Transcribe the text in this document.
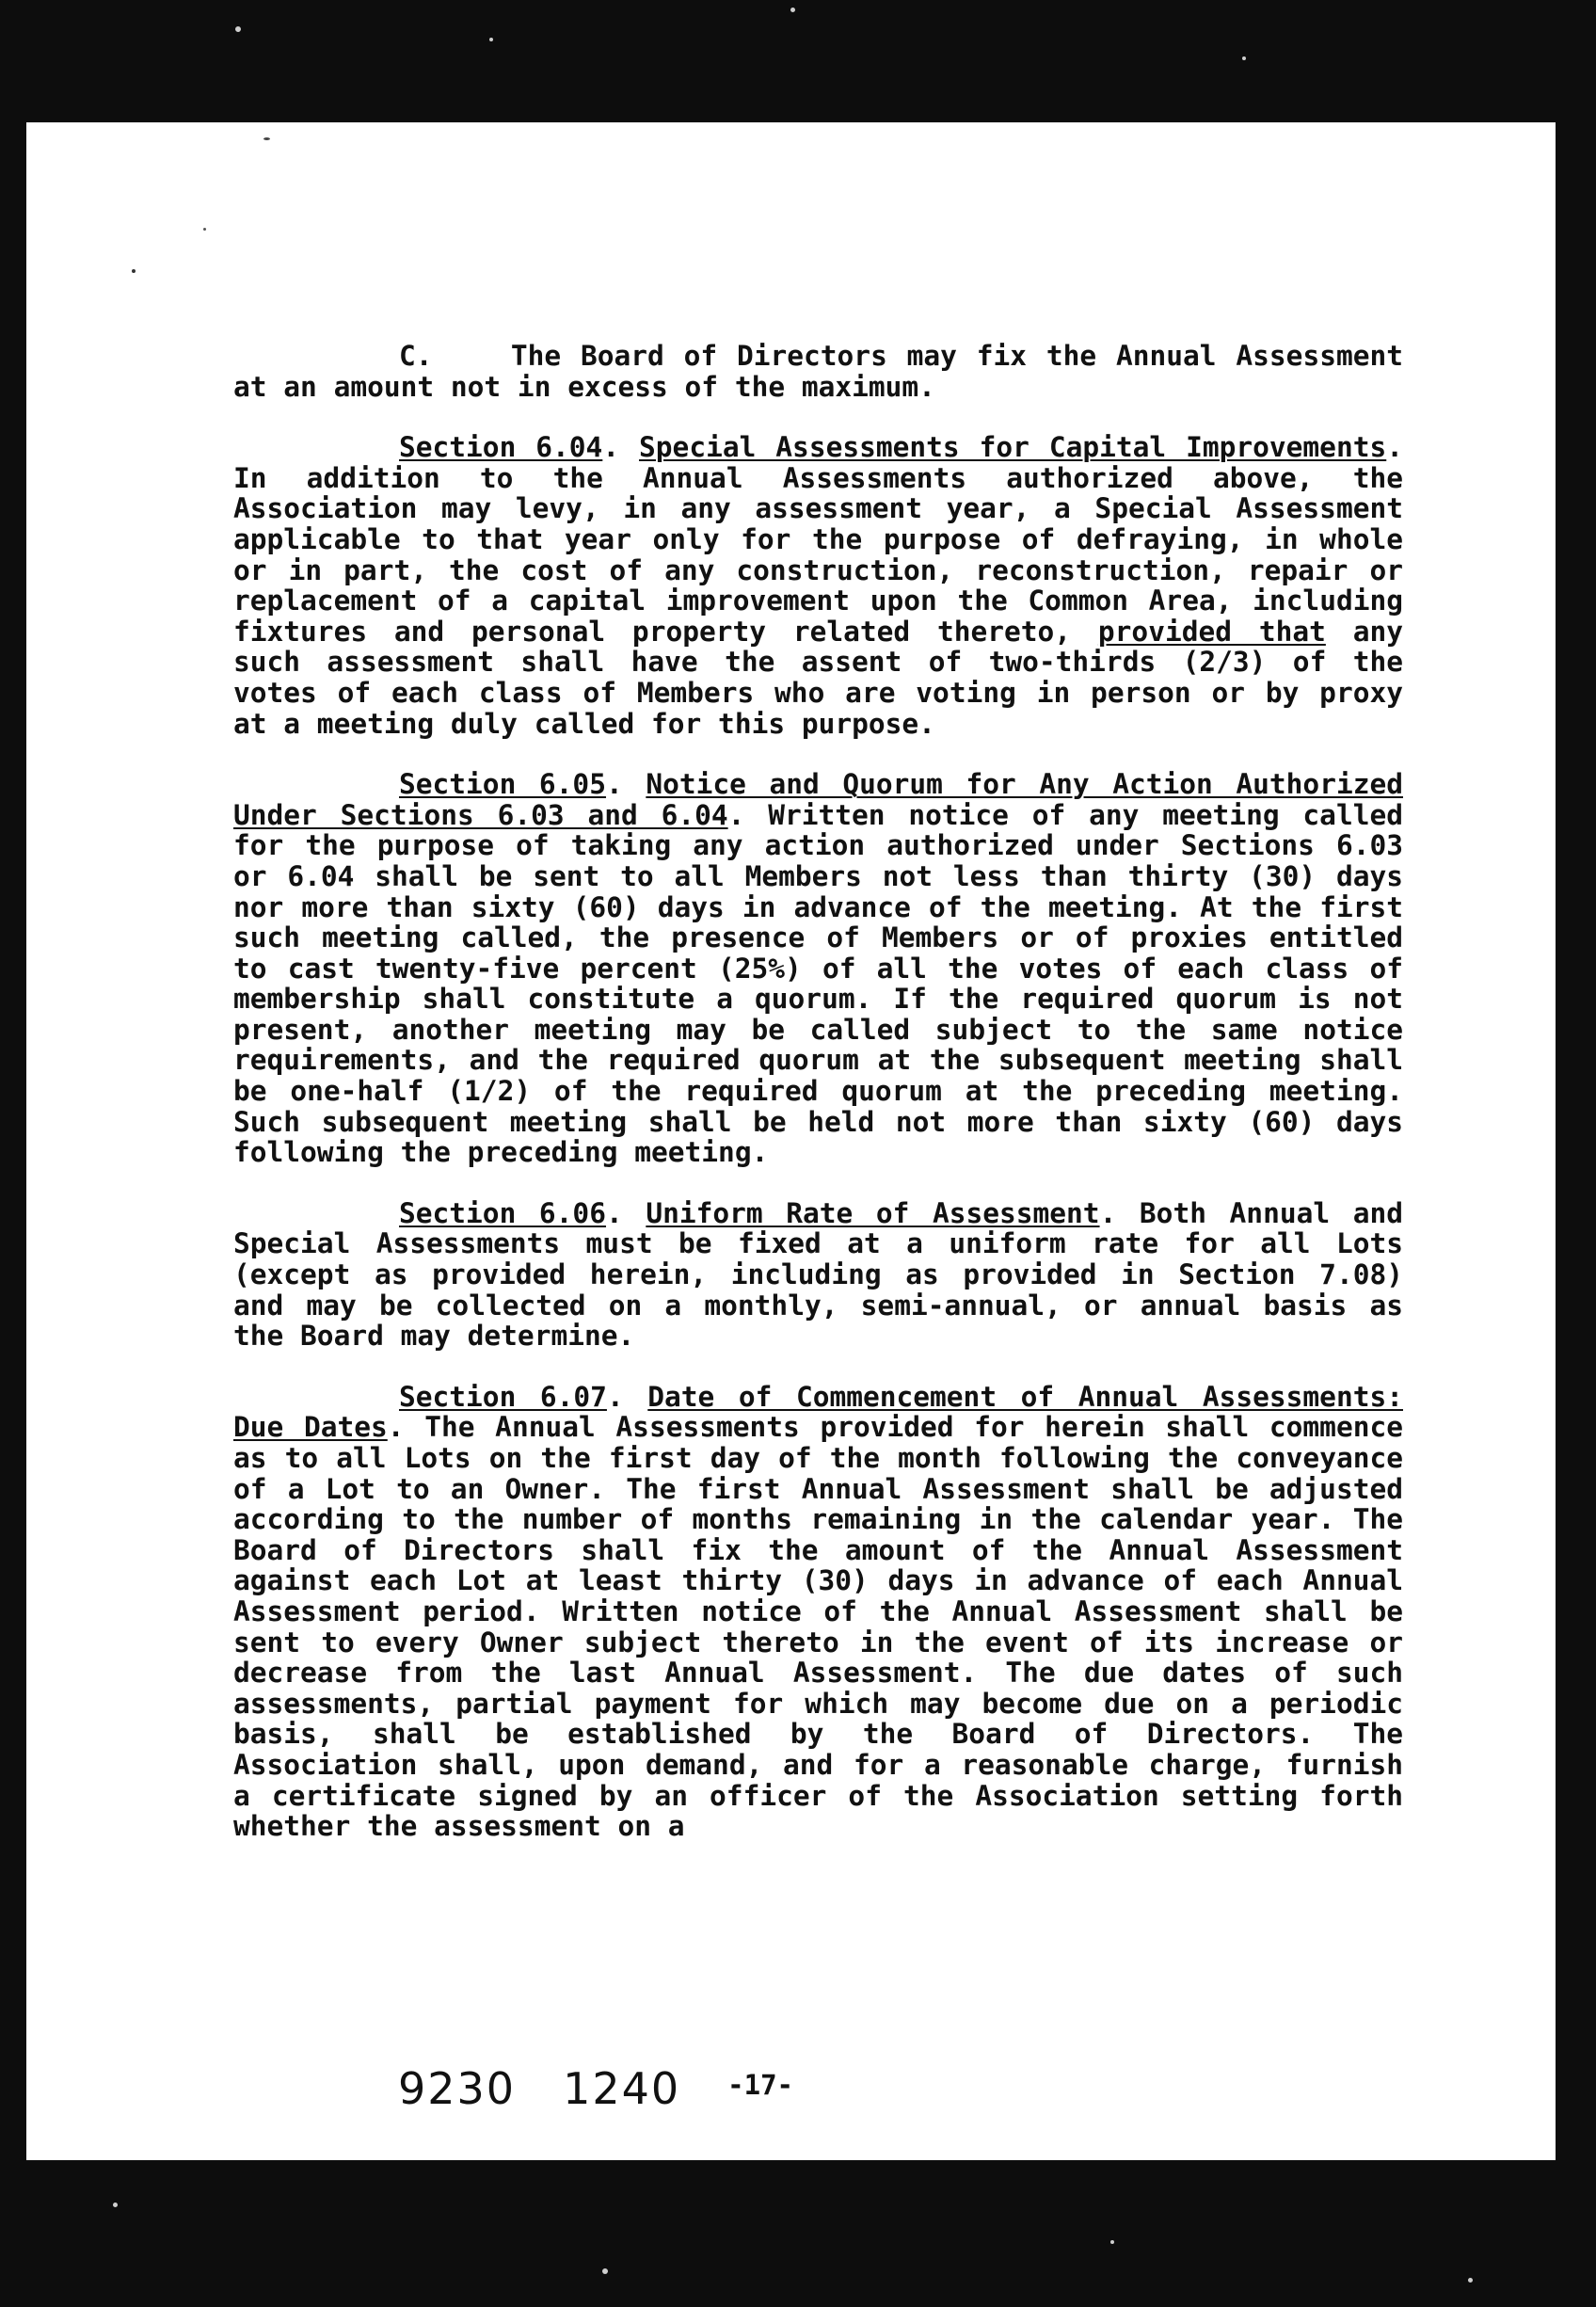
C.	The Board of Directors may fix the Annual Assessment at an amount not in excess of the maximum.

Section 6.04. Special Assessments for Capital Improvements. In addition to the Annual Assessments authorized above, the Association may levy, in any assessment year, a Special Assessment applicable to that year only for the purpose of defraying, in whole or in part, the cost of any construction, reconstruction, repair or replacement of a capital improvement upon the Common Area, including fixtures and personal property related thereto, provided that any such assessment shall have the assent of two-thirds (2/3) of the votes of each class of Members who are voting in person or by proxy at a meeting duly called for this purpose.

Section 6.05. Notice and Quorum for Any Action Authorized Under Sections 6.03 and 6.04. Written notice of any meeting called for the purpose of taking any action authorized under Sections 6.03 or 6.04 shall be sent to all Members not less than thirty (30) days nor more than sixty (60) days in advance of the meeting. At the first such meeting called, the presence of Members or of proxies entitled to cast twenty-five percent (25%) of all the votes of each class of membership shall constitute a quorum. If the required quorum is not present, another meeting may be called subject to the same notice requirements, and the required quorum at the subsequent meeting shall be one-half (1/2) of the required quorum at the preceding meeting. Such subsequent meeting shall be held not more than sixty (60) days following the preceding meeting.

Section 6.06. Uniform Rate of Assessment. Both Annual and Special Assessments must be fixed at a uniform rate for all Lots (except as provided herein, including as provided in Section 7.08) and may be collected on a monthly, semi-annual, or annual basis as the Board may determine.

Section 6.07. Date of Commencement of Annual Assessments: Due Dates. The Annual Assessments provided for herein shall commence as to all Lots on the first day of the month following the conveyance of a Lot to an Owner. The first Annual Assessment shall be adjusted according to the number of months remaining in the calendar year. The Board of Directors shall fix the amount of the Annual Assessment against each Lot at least thirty (30) days in advance of each Annual Assessment period. Written notice of the Annual Assessment shall be sent to every Owner subject thereto in the event of its increase or decrease from the last Annual Assessment. The due dates of such assessments, partial payment for which may become due on a periodic basis, shall be established by the Board of Directors. The Association shall, upon demand, and for a reasonable charge, furnish a certificate signed by an officer of the Association setting forth whether the assessment on a

9230 1240 -17-
